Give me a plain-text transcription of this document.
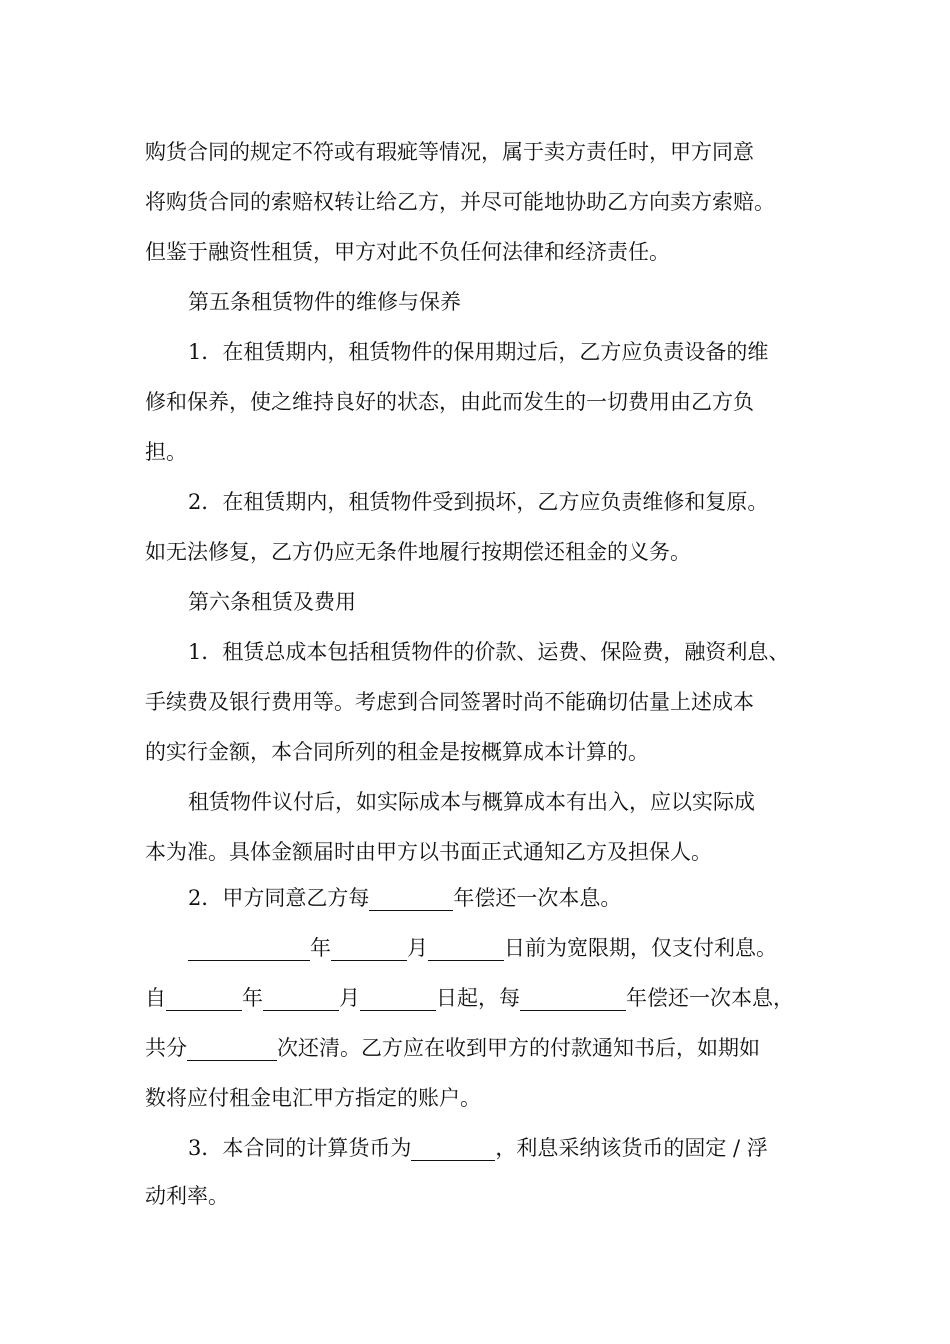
购货合同的规定不符或有瑕疵等情况，属于卖方责任时，甲方同意
将购货合同的索赔权转让给乙方，并尽可能地协助乙方向卖方索赔。
但鉴于融资性租赁，甲方对此不负任何法律和经济责任。
第五条租赁物件的维修与保养
1．在租赁期内，租赁物件的保用期过后，乙方应负责设备的维
修和保养，使之维持良好的状态，由此而发生的一切费用由乙方负
担。
2．在租赁期内，租赁物件受到损坏，乙方应负责维修和复原。
如无法修复，乙方仍应无条件地履行按期偿还租金的义务。
第六条租赁及费用
1．租赁总成本包括租赁物件的价款、运费、保险费，融资利息、
手续费及银行费用等。考虑到合同签署时尚不能确切估量上述成本
的实行金额，本合同所列的租金是按概算成本计算的。
租赁物件议付后，如实际成本与概算成本有出入，应以实际成
本为准。具体金额届时由甲方以书面正式通知乙方及担保人。
2．甲方同意乙方每	年偿还一次本息。
年	月	日前为宽限期，仅支付利息。
自	年	月	日起，每	年偿还一次本息，
共分	次还清。乙方应在收到甲方的付款通知书后，如期如
数将应付租金电汇甲方指定的账户。
3．本合同的计算货币为	，利息采纳该货币的固定 / 浮
动利率。
